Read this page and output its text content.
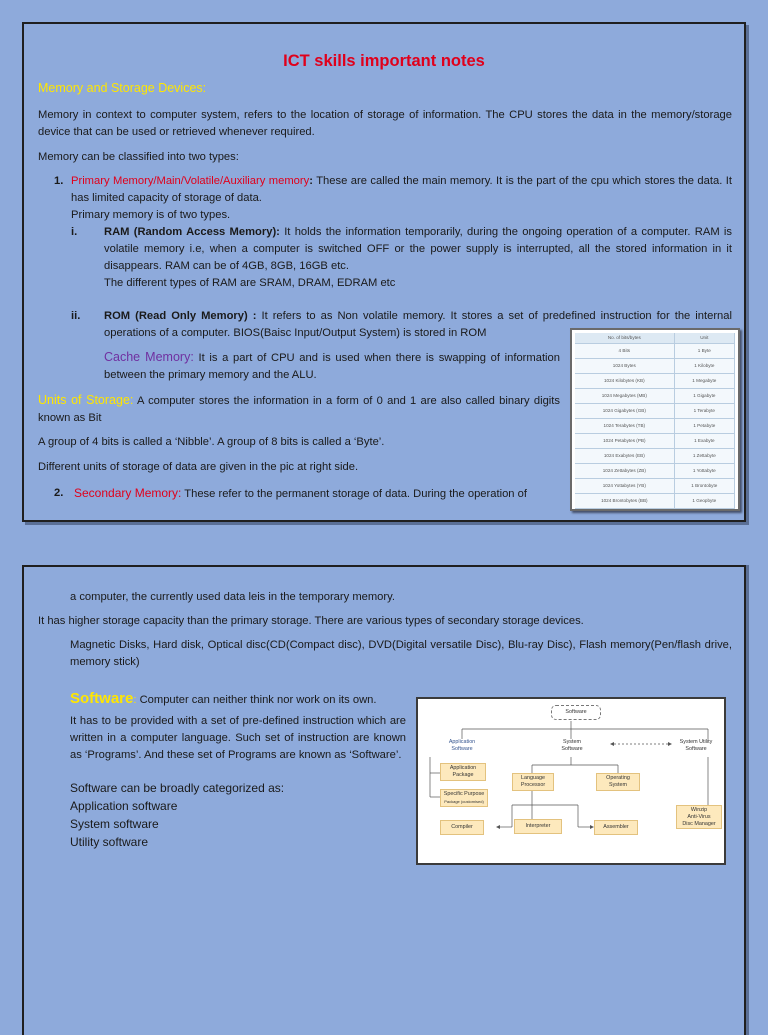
ICT skills important notes
Memory and Storage Devices:

Memory in context to computer system, refers to the location of storage of information. The CPU stores the data in the memory/storage device that can be used or retrieved whenever required.

Memory can be classified into two types:

1. Primary Memory/Main/Volatile/Auxiliary memory: These are called the main memory. It is the part of the cpu which stores the data. It has limited capacity of storage of data.

Primary memory is of two types.

i. RAM (Random Access Memory): It holds the information temporarily, during the ongoing operation of a computer. RAM is volatile memory i.e, when a computer is switched OFF or the power supply is interrupted, all the stored information in it disappears. RAM can be of 4GB, 8GB, 16GB etc.

The different types of RAM are SRAM, DRAM, EDRAM etc

ii. ROM (Read Only Memory) : It refers to as Non volatile memory. It stores a set of predefined instruction for the internal operations of a computer. BIOS(Baisc Input/Output System) is stored in ROM

Cache Memory: It is a part of CPU and is used when there is swapping of information between the primary memory and the ALU.

Units of Storage: A computer stores the information in a form of 0 and 1 are also called binary digits known as Bit

A group of 4 bits is called a ‘Nibble’. A group of 8 bits is called a ‘Byte’.

Different units of storage of data are given in the pic at right side.

2. Secondary Memory: These refer to the permanent storage of data. During the operation of

No. of bits/bytes	Unit
4 Bits	1 Byte
1024 Bytes	1 Kilobyte
1024 Kilobytes (KB)	1 Megabyte
1024 Megabytes (MB)	1 Gigabyte
1024 Gigabytes (GB)	1 Terabyte
1024 Terabytes (TB)	1 Petabyte
1024 Petabytes (PB)	1 Exabyte
1024 Exabytes (EB)	1 Zettabyte
1024 Zettabytes (ZB)	1 Yottabyte
1024 Yottabytes (YB)	1 Brontobyte
1024 Brontobytes (BB)	1 Geopbyte

a computer, the currently used data leis in the temporary memory.

It has higher storage capacity than the primary storage. There are various types of secondary storage devices.

Magnetic Disks, Hard disk, Optical disc(CD(Compact disc), DVD(Digital versatile Disc), Blu-ray Disc), Flash memory(Pen/flash drive, memory stick)

Software: Computer can neither think nor work on its own.

It has to be provided with a set of pre-defined instruction which are written in a computer language. Such set of instruction are known as ‘Programs’. And these set of Programs are known as ‘Software’.

Software can be broadly categorized as:
Application software
System software
Utility software
Software
Application
Software
System
Software
System Utility
Software
Application
Package
Specific Purpose
Package (customised)
Language
Processor
Operating
System
Compiler	Interpreter	Assembler
Winzip
Anti-Virus
Disc Manager
